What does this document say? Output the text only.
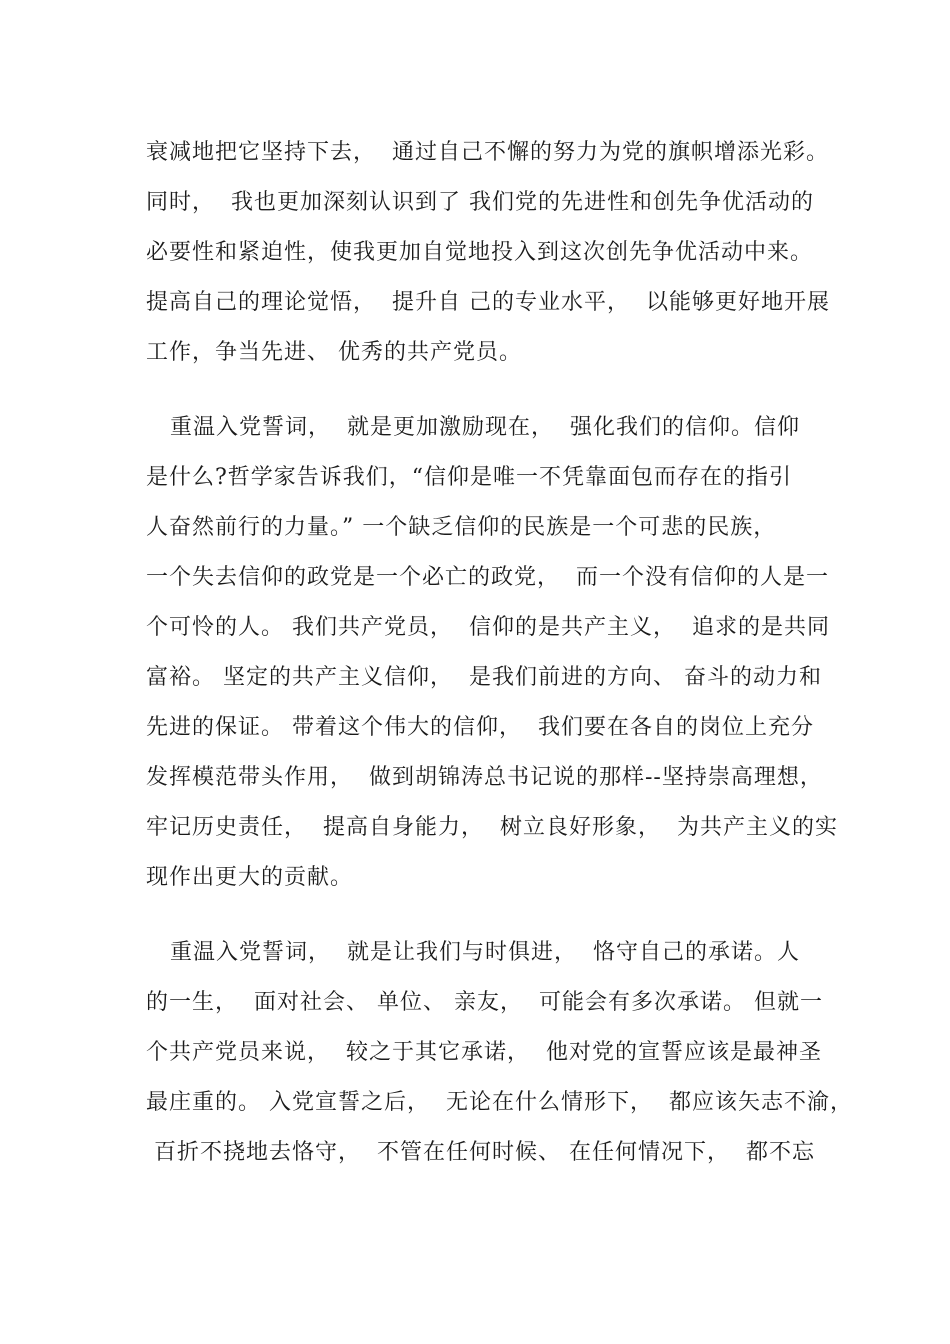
衰减地把它坚持下去，  通过自己不懈的努力为党的旗帜增添光彩。
同时，  我也更加深刻认识到了 我们党的先进性和创先争优活动的
必要性和紧迫性，使我更加自觉地投入到这次创先争优活动中来。
提高自己的理论觉悟，  提升自 己的专业水平，  以能够更好地开展
工作，争当先进、 优秀的共产党员。
重温入党誓词，  就是更加激励现在，  强化我们的信仰。信仰
是什么?哲学家告诉我们，“信仰是唯一不凭靠面包而存在的指引
人奋然前行的力量。” 一个缺乏信仰的民族是一个可悲的民族，
一个失去信仰的政党是一个必亡的政党，  而一个没有信仰的人是一
个可怜的人。 我们共产党员，  信仰的是共产主义，  追求的是共同
富裕。 坚定的共产主义信仰，  是我们前进的方向、 奋斗的动力和
先进的保证。 带着这个伟大的信仰，  我们要在各自的岗位上充分
发挥模范带头作用，  做到胡锦涛总书记说的那样--坚持崇高理想，
牢记历史责任，  提高自身能力，  树立良好形象，  为共产主义的实
现作出更大的贡献。
重温入党誓词，  就是让我们与时俱进，  恪守自己的承诺。人
的一生，  面对社会、 单位、 亲友，  可能会有多次承诺。 但就一
个共产党员来说，  较之于其它承诺，  他对党的宣誓应该是最神圣
最庄重的。 入党宣誓之后，  无论在什么情形下，  都应该矢志不渝，
百折不挠地去恪守，  不管在任何时候、 在任何情况下，  都不忘
